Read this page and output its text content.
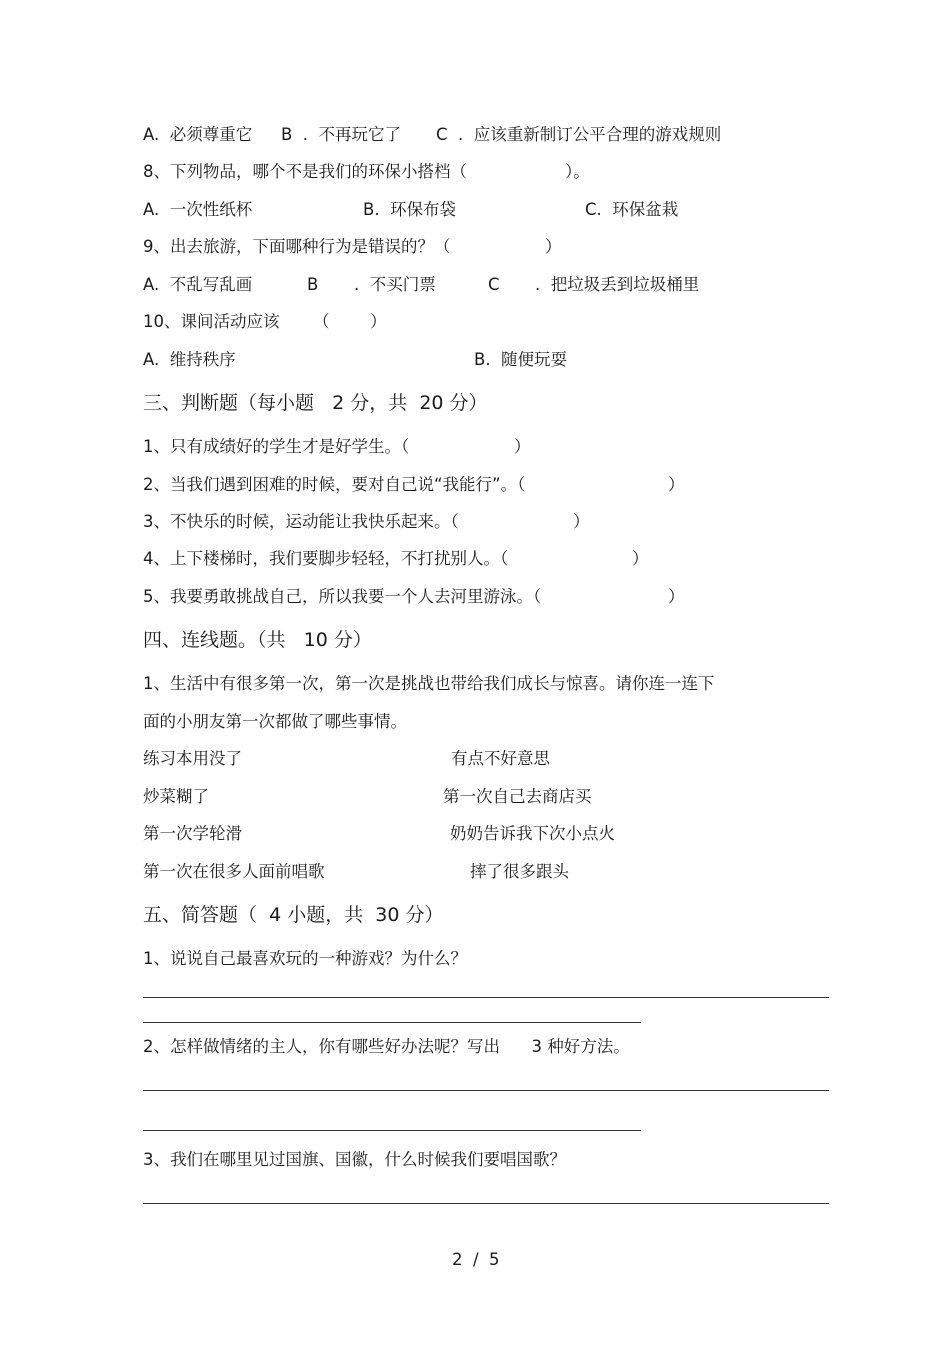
A.  必须尊重它 B  .  不再玩它了 C  .  应该重新制订公平合理的游戏规则
8、下列物品，哪个不是我们的环保小搭档（	）。
A.  一次性纸杯	B.  环保布袋	C.  环保盆栽
9、出去旅游，下面哪种行为是错误的？（	）
A.  不乱写乱画	B .  不买门票	C .  把垃圾丢到垃圾桶里
10、课间活动应该 （ ）
A.  维持秩序	B.  随便玩耍
三、判断题（每小题   2 分，共  20 分）
1、只有成绩好的学生才是好学生。（	）
2、当我们遇到困难的时候，要对自己说“我能行”。（	）
3、不快乐的时候，运动能让我快乐起来。（	）
4、上下楼梯时，我们要脚步轻轻，不打扰别人。（	）
5、我要勇敢挑战自己，所以我要一个人去河里游泳。（	）
四、连线题。（共   10 分）
1、生活中有很多第一次，第一次是挑战也带给我们成长与惊喜。请你连一连下
面的小朋友第一次都做了哪些事情。
练习本用没了	有点不好意思
炒菜糊了	第一次自己去商店买
第一次学轮滑	奶奶告诉我下次小点火
第一次在很多人面前唱歌	摔了很多跟头
五、简答题（  4 小题，共  30 分）
1、说说自己最喜欢玩的一种游戏？为什么？
2、怎样做情绪的主人，你有哪些好办法呢？写出      3 种好方法。
3、我们在哪里见过国旗、国徽，什么时候我们要唱国歌？
2  /  5
